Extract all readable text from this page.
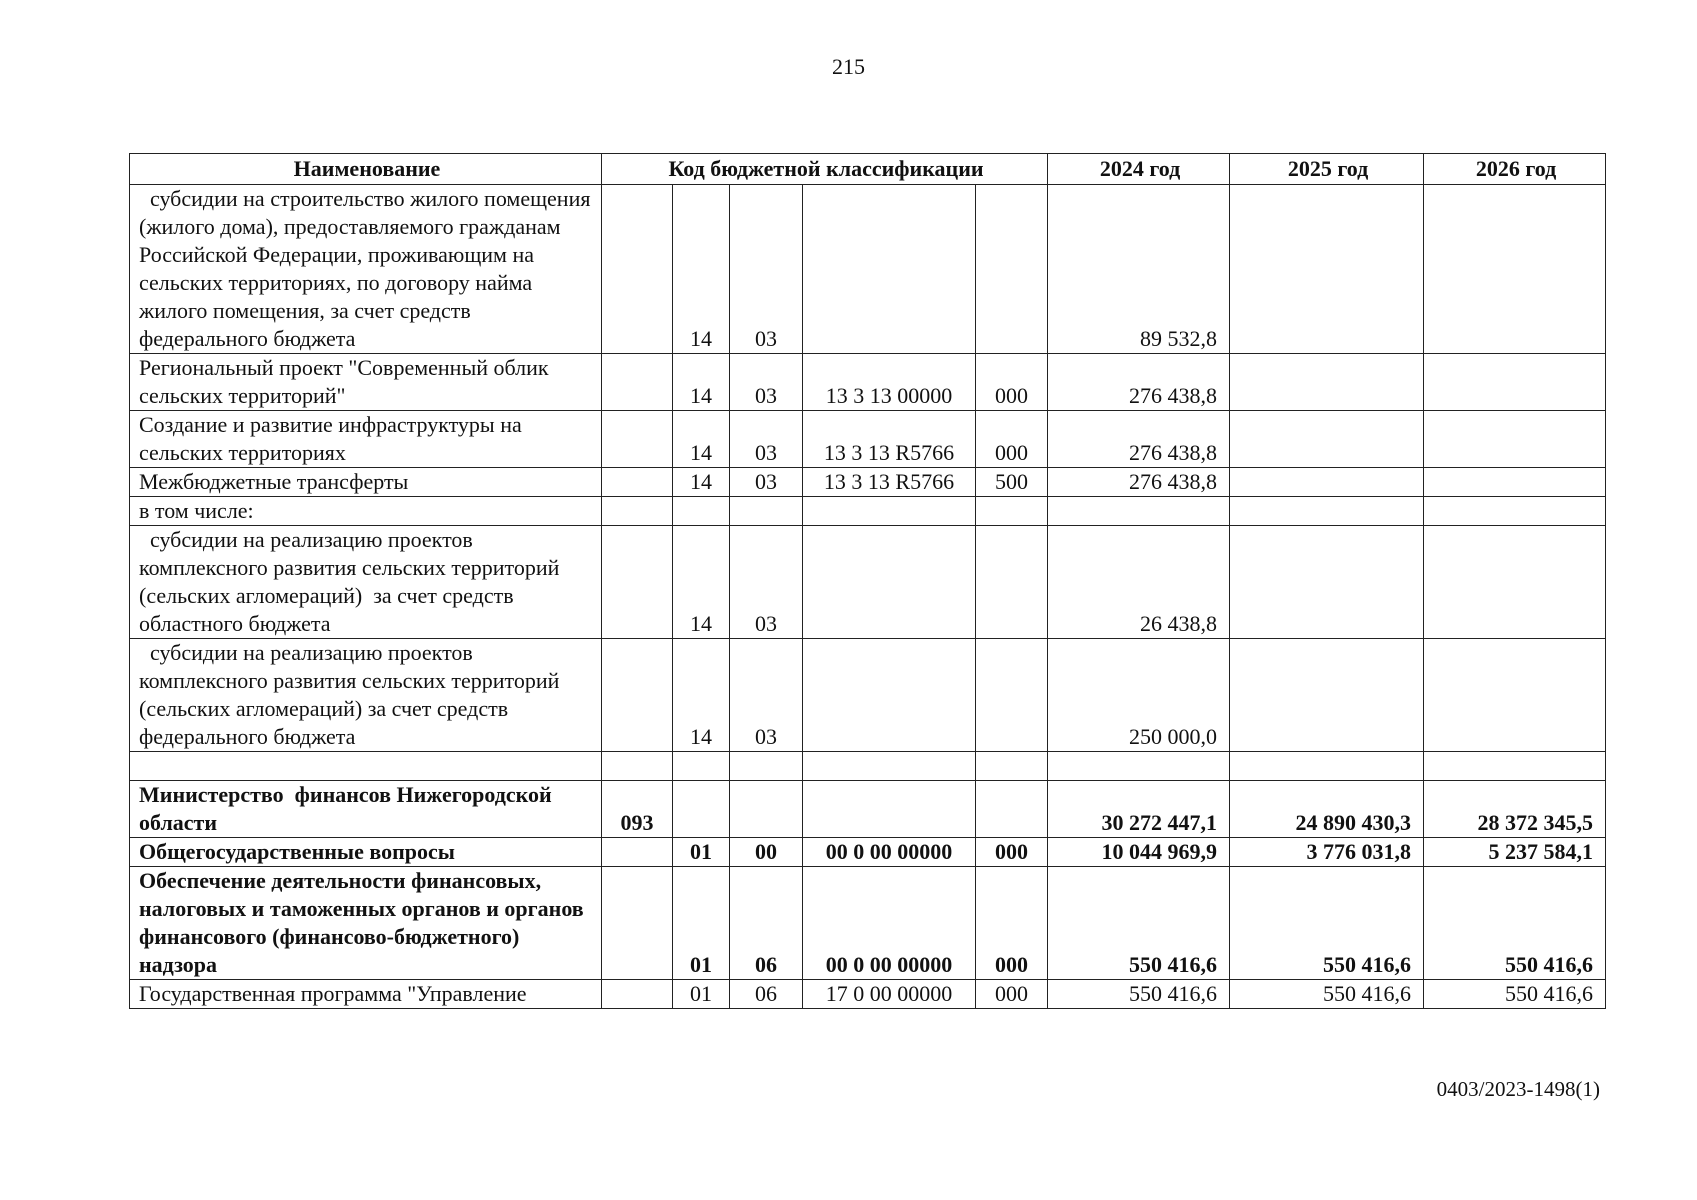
215
Наименование	Код бюджетной классификации					2024 год	2025 год	2026 год
субсидии на строительство жилого помещения (жилого дома), предоставляемого гражданам Российской Федерации, проживающим на сельских территориях, по договору найма жилого помещения, за счет средств федерального бюджета		14	03			89 532,8		
Региональный проект "Современный облик сельских территорий"		14	03	13 3 13 00000	000	276 438,8		
Создание и развитие инфраструктуры на сельских территориях		14	03	13 3 13 R5766	000	276 438,8		
Межбюджетные трансферты		14	03	13 3 13 R5766	500	276 438,8		
в том числе:								
субсидии на реализацию проектов комплексного развития сельских территорий (сельских агломераций)  за счет средств областного бюджета		14	03			26 438,8		
субсидии на реализацию проектов комплексного развития сельских территорий (сельских агломераций) за счет средств федерального бюджета		14	03			250 000,0		

Министерство  финансов Нижегородской области	093					30 272 447,1	24 890 430,3	28 372 345,5
Общегосударственные вопросы		01	00	00 0 00 00000	000	10 044 969,9	3 776 031,8	5 237 584,1
Обеспечение деятельности финансовых, налоговых и таможенных органов и органов финансового (финансово-бюджетного) надзора		01	06	00 0 00 00000	000	550 416,6	550 416,6	550 416,6
Государственная программа "Управление		01	06	17 0 00 00000	000	550 416,6	550 416,6	550 416,6
0403/2023-1498(1)
